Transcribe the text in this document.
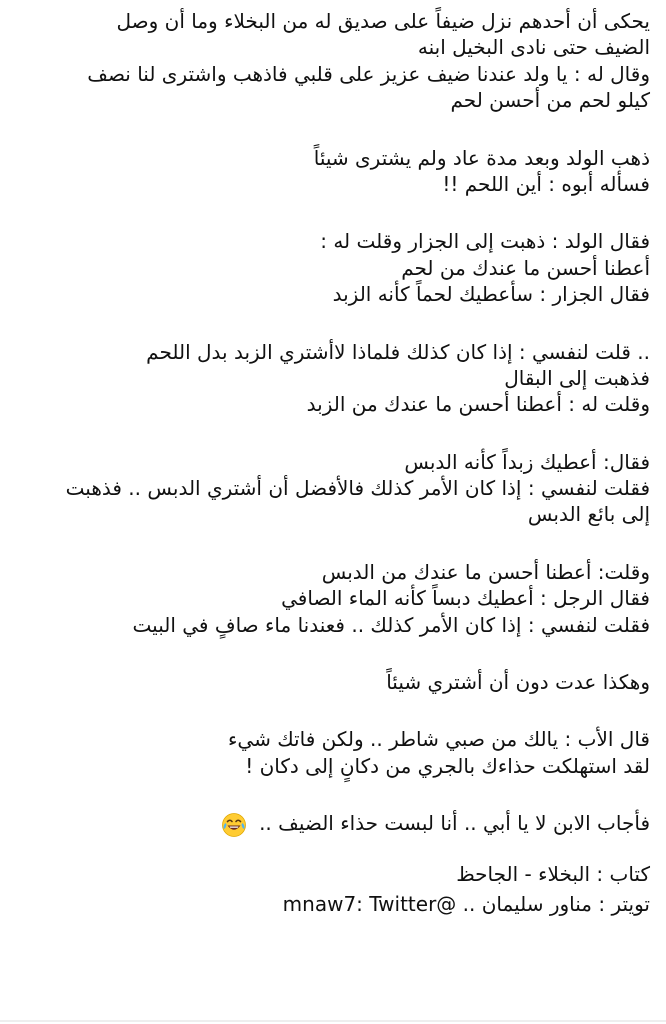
يحكى أن أحدهم نزل ضيفاً على صديق له من البخلاء وما أن وصل
الضيف حتى نادى البخيل ابنه
وقال له : يا ولد عندنا ضيف عزيز على قلبي فاذهب واشترى لنا نصف
كيلو لحم من أحسن لحم
ذهب الولد وبعد مدة عاد ولم يشترى شيئاً
فسأله أبوه : أين اللحم !!
فقال الولد : ذهبت إلى الجزار وقلت له :
أعطنا أحسن ما عندك من لحم
فقال الجزار : سأعطيك لحماً كأنه الزبد
.. قلت لنفسي : إذا كان كذلك فلماذا لاأشتري الزبد بدل اللحم
فذهبت إلى البقال
وقلت له : أعطنا أحسن ما عندك من الزبد
فقال: أعطيك زبداً كأنه الدبس
فقلت لنفسي : إذا كان الأمر كذلك فالأفضل أن أشتري الدبس .. فذهبت
إلى بائع الدبس
وقلت: أعطنا أحسن ما عندك من الدبس
فقال الرجل : أعطيك دبساً كأنه الماء الصافي
فقلت لنفسي : إذا كان الأمر كذلك .. فعندنا ماء صافٍ في البيت
وهكذا عدت دون أن أشتري شيئاً
قال الأب : يالك من صبي شاطر .. ولكن فاتك شيء
لقد استهلكت حذاءك بالجري من دكانٍ إلى دكان !
فأجاب الابن لا يا أبي .. أنا لبست حذاء الضيف ..
كتاب : البخلاء - الجاحظ
تويتر : مناور سليمان .. @mnaw7: Twitter
